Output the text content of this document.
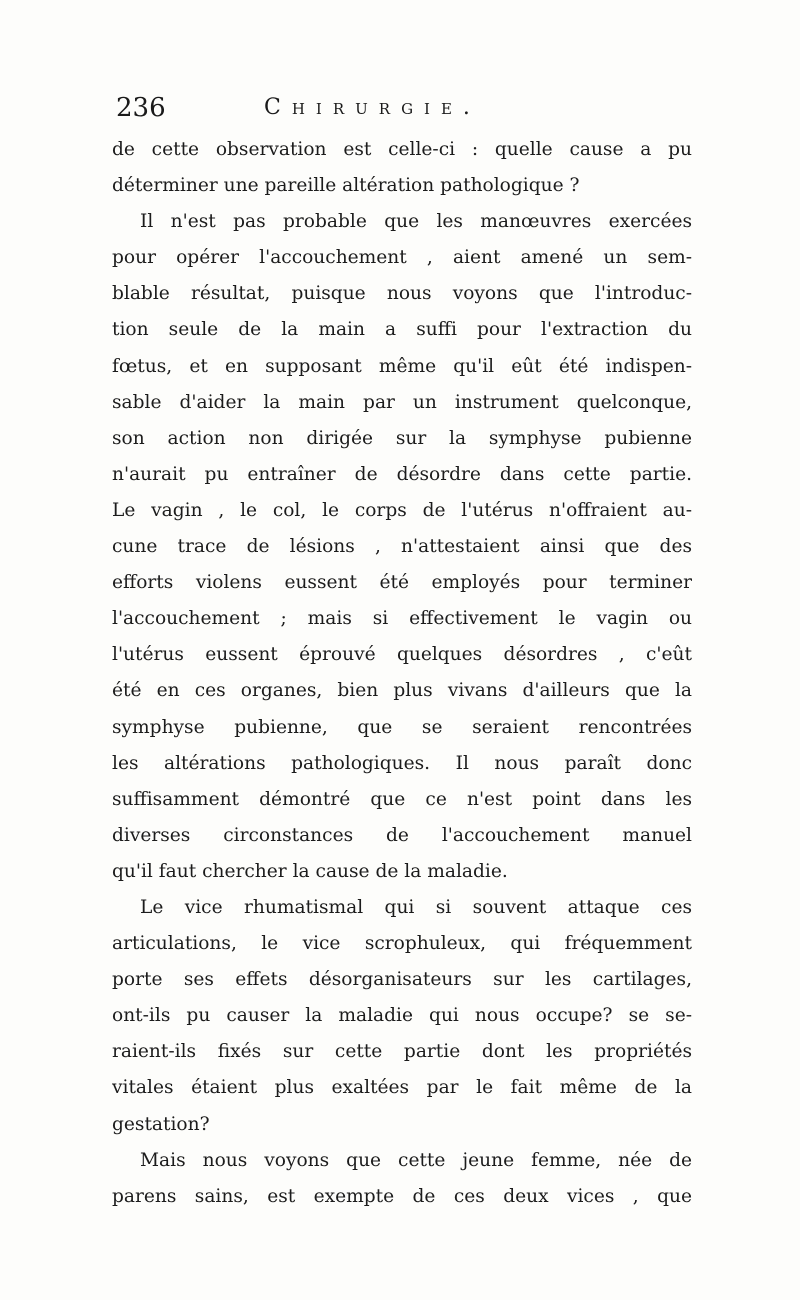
236	Chirurgie.
de cette observation est celle-ci : quelle cause a pu
déterminer une pareille altération pathologique ?
Il n'est pas probable que les manœuvres exercées
pour opérer l'accouchement , aient amené un sem-
blable résultat, puisque nous voyons que l'introduc-
tion seule de la main a suffi pour l'extraction du
fœtus, et en supposant même qu'il eût été indispen-
sable d'aider la main par un instrument quelconque,
son action non dirigée sur la symphyse pubienne
n'aurait pu entraîner de désordre dans cette partie.
Le vagin , le col, le corps de l'utérus n'offraient au-
cune trace de lésions , n'attestaient ainsi que des
efforts violens eussent été employés pour terminer
l'accouchement ; mais si effectivement le vagin ou
l'utérus eussent éprouvé quelques désordres , c'eût
été en ces organes, bien plus vivans d'ailleurs que la
symphyse pubienne, que se seraient rencontrées
les altérations pathologiques. Il nous paraît donc
suffisamment démontré que ce n'est point dans les
diverses circonstances de l'accouchement manuel
qu'il faut chercher la cause de la maladie.
Le vice rhumatismal qui si souvent attaque ces
articulations, le vice scrophuleux, qui fréquemment
porte ses effets désorganisateurs sur les cartilages,
ont-ils pu causer la maladie qui nous occupe? se se-
raient-ils fixés sur cette partie dont les propriétés
vitales étaient plus exaltées par le fait même de la
gestation?
Mais nous voyons que cette jeune femme, née de
parens sains, est exempte de ces deux vices , que
